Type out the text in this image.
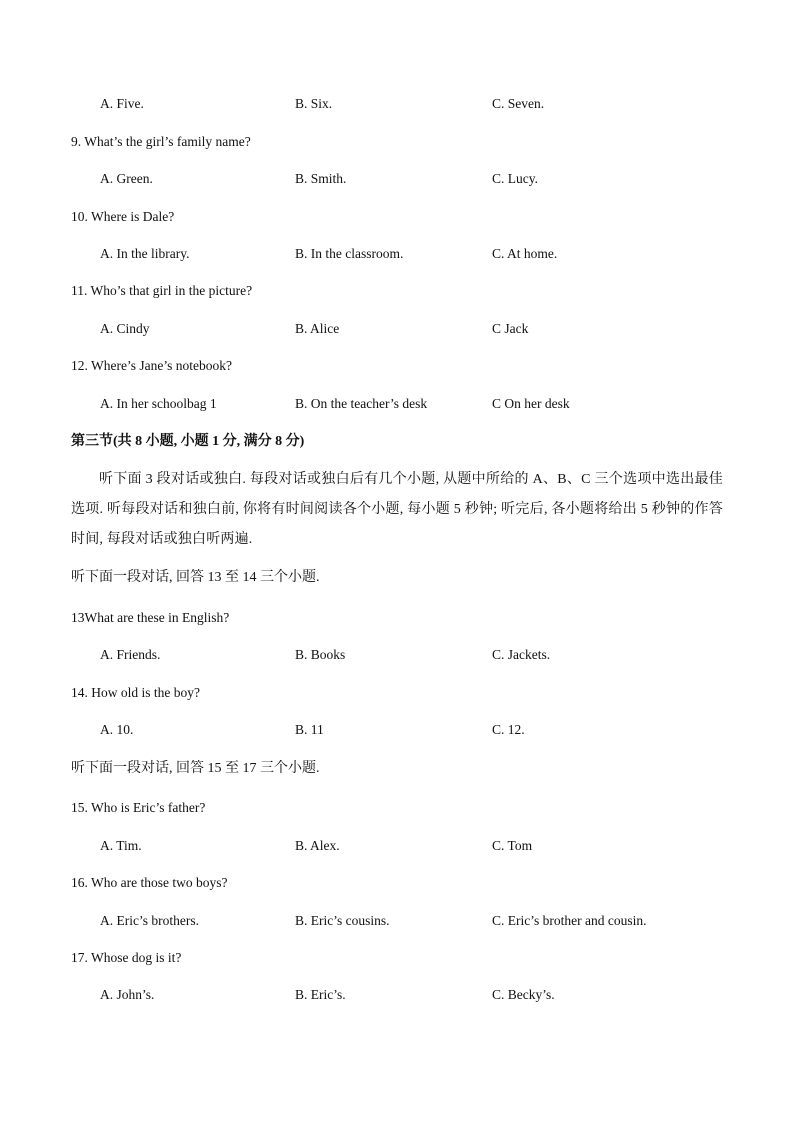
A. Five.	B. Six.	C. Seven.
9. What’s the girl’s family name?
A. Green.	B. Smith.	C. Lucy.
10. Where is Dale?
A. In the library.	B. In the classroom.	C. At home.
11. Who’s that girl in the picture?
A. Cindy	B. Alice	C Jack
12. Where’s Jane’s notebook?
A. In her schoolbag 1	B. On the teacher’s desk	C On her desk
第三节(共 8 小题, 小题 1 分, 满分 8 分)
听下面 3 段对话或独白. 每段对话或独白后有几个小题, 从题中所给的 A、B、C 三个选项中选出最佳选项. 听每段对话和独白前, 你将有时间阅读各个小题, 每小题 5 秒钟; 听完后, 各小题将给出 5 秒钟的作答时间, 每段对话或独白听两遍.
听下面一段对话, 回答 13 至 14 三个小题.
13What are these in English?
A. Friends.	B. Books	C. Jackets.
14. How old is the boy?
A. 10.	B. 11	C. 12.
听下面一段对话, 回答 15 至 17 三个小题.
15. Who is Eric’s father?
A. Tim.	B. Alex.	C. Tom
16. Who are those two boys?
A. Eric’s brothers.	B. Eric’s cousins.	C. Eric’s brother and cousin.
17. Whose dog is it?
A. John’s.	B. Eric’s.	C. Becky’s.
